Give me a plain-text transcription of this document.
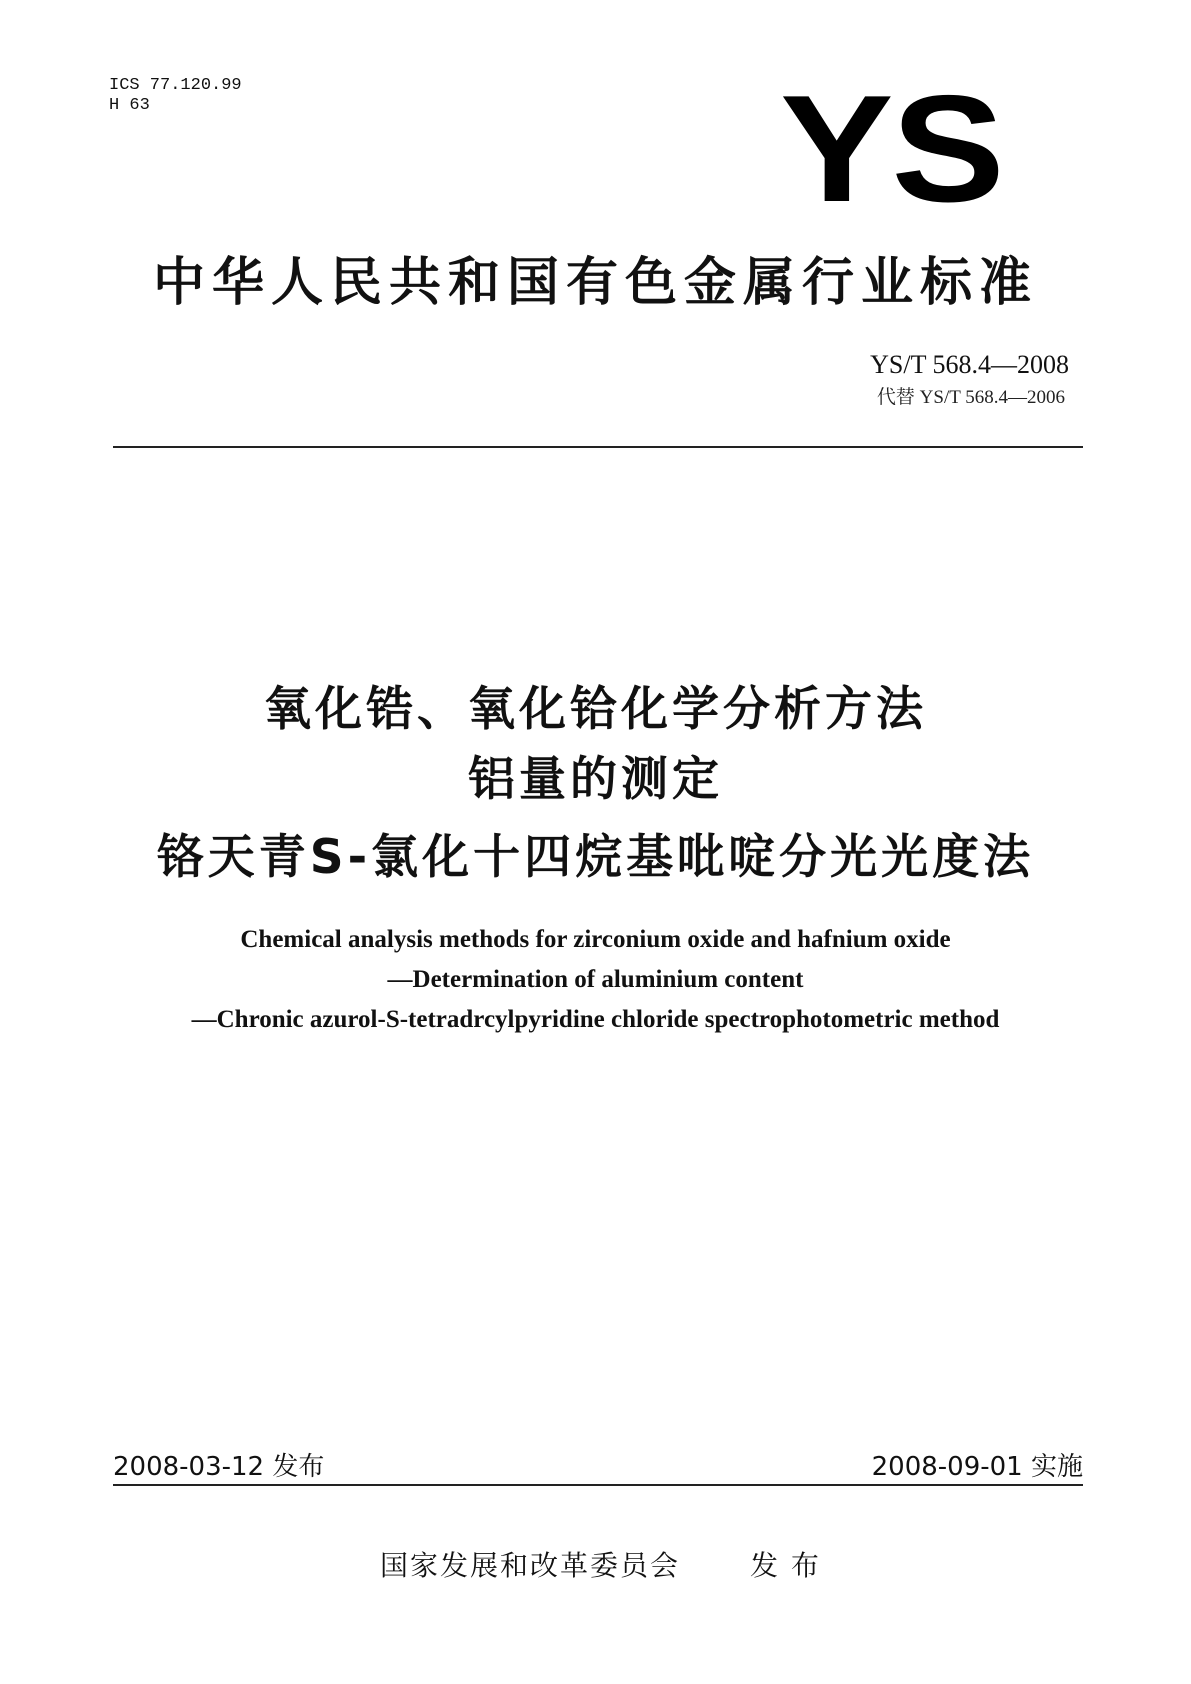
ICS 77.120.99
H 63	YS
中华人民共和国有色金属行业标准
YS/T 568.4—2008
代替 YS/T 568.4—2006
氧化锆、氧化铪化学分析方法
铝量的测定
铬天青S-氯化十四烷基吡啶分光光度法
Chemical analysis methods for zirconium oxide and hafnium oxide
—Determination of aluminium content
—Chronic azurol-S-tetradrcylpyridine chloride spectrophotometric method
2008-03-12 发布	2008-09-01 实施
国家发展和改革委员会 发 布
